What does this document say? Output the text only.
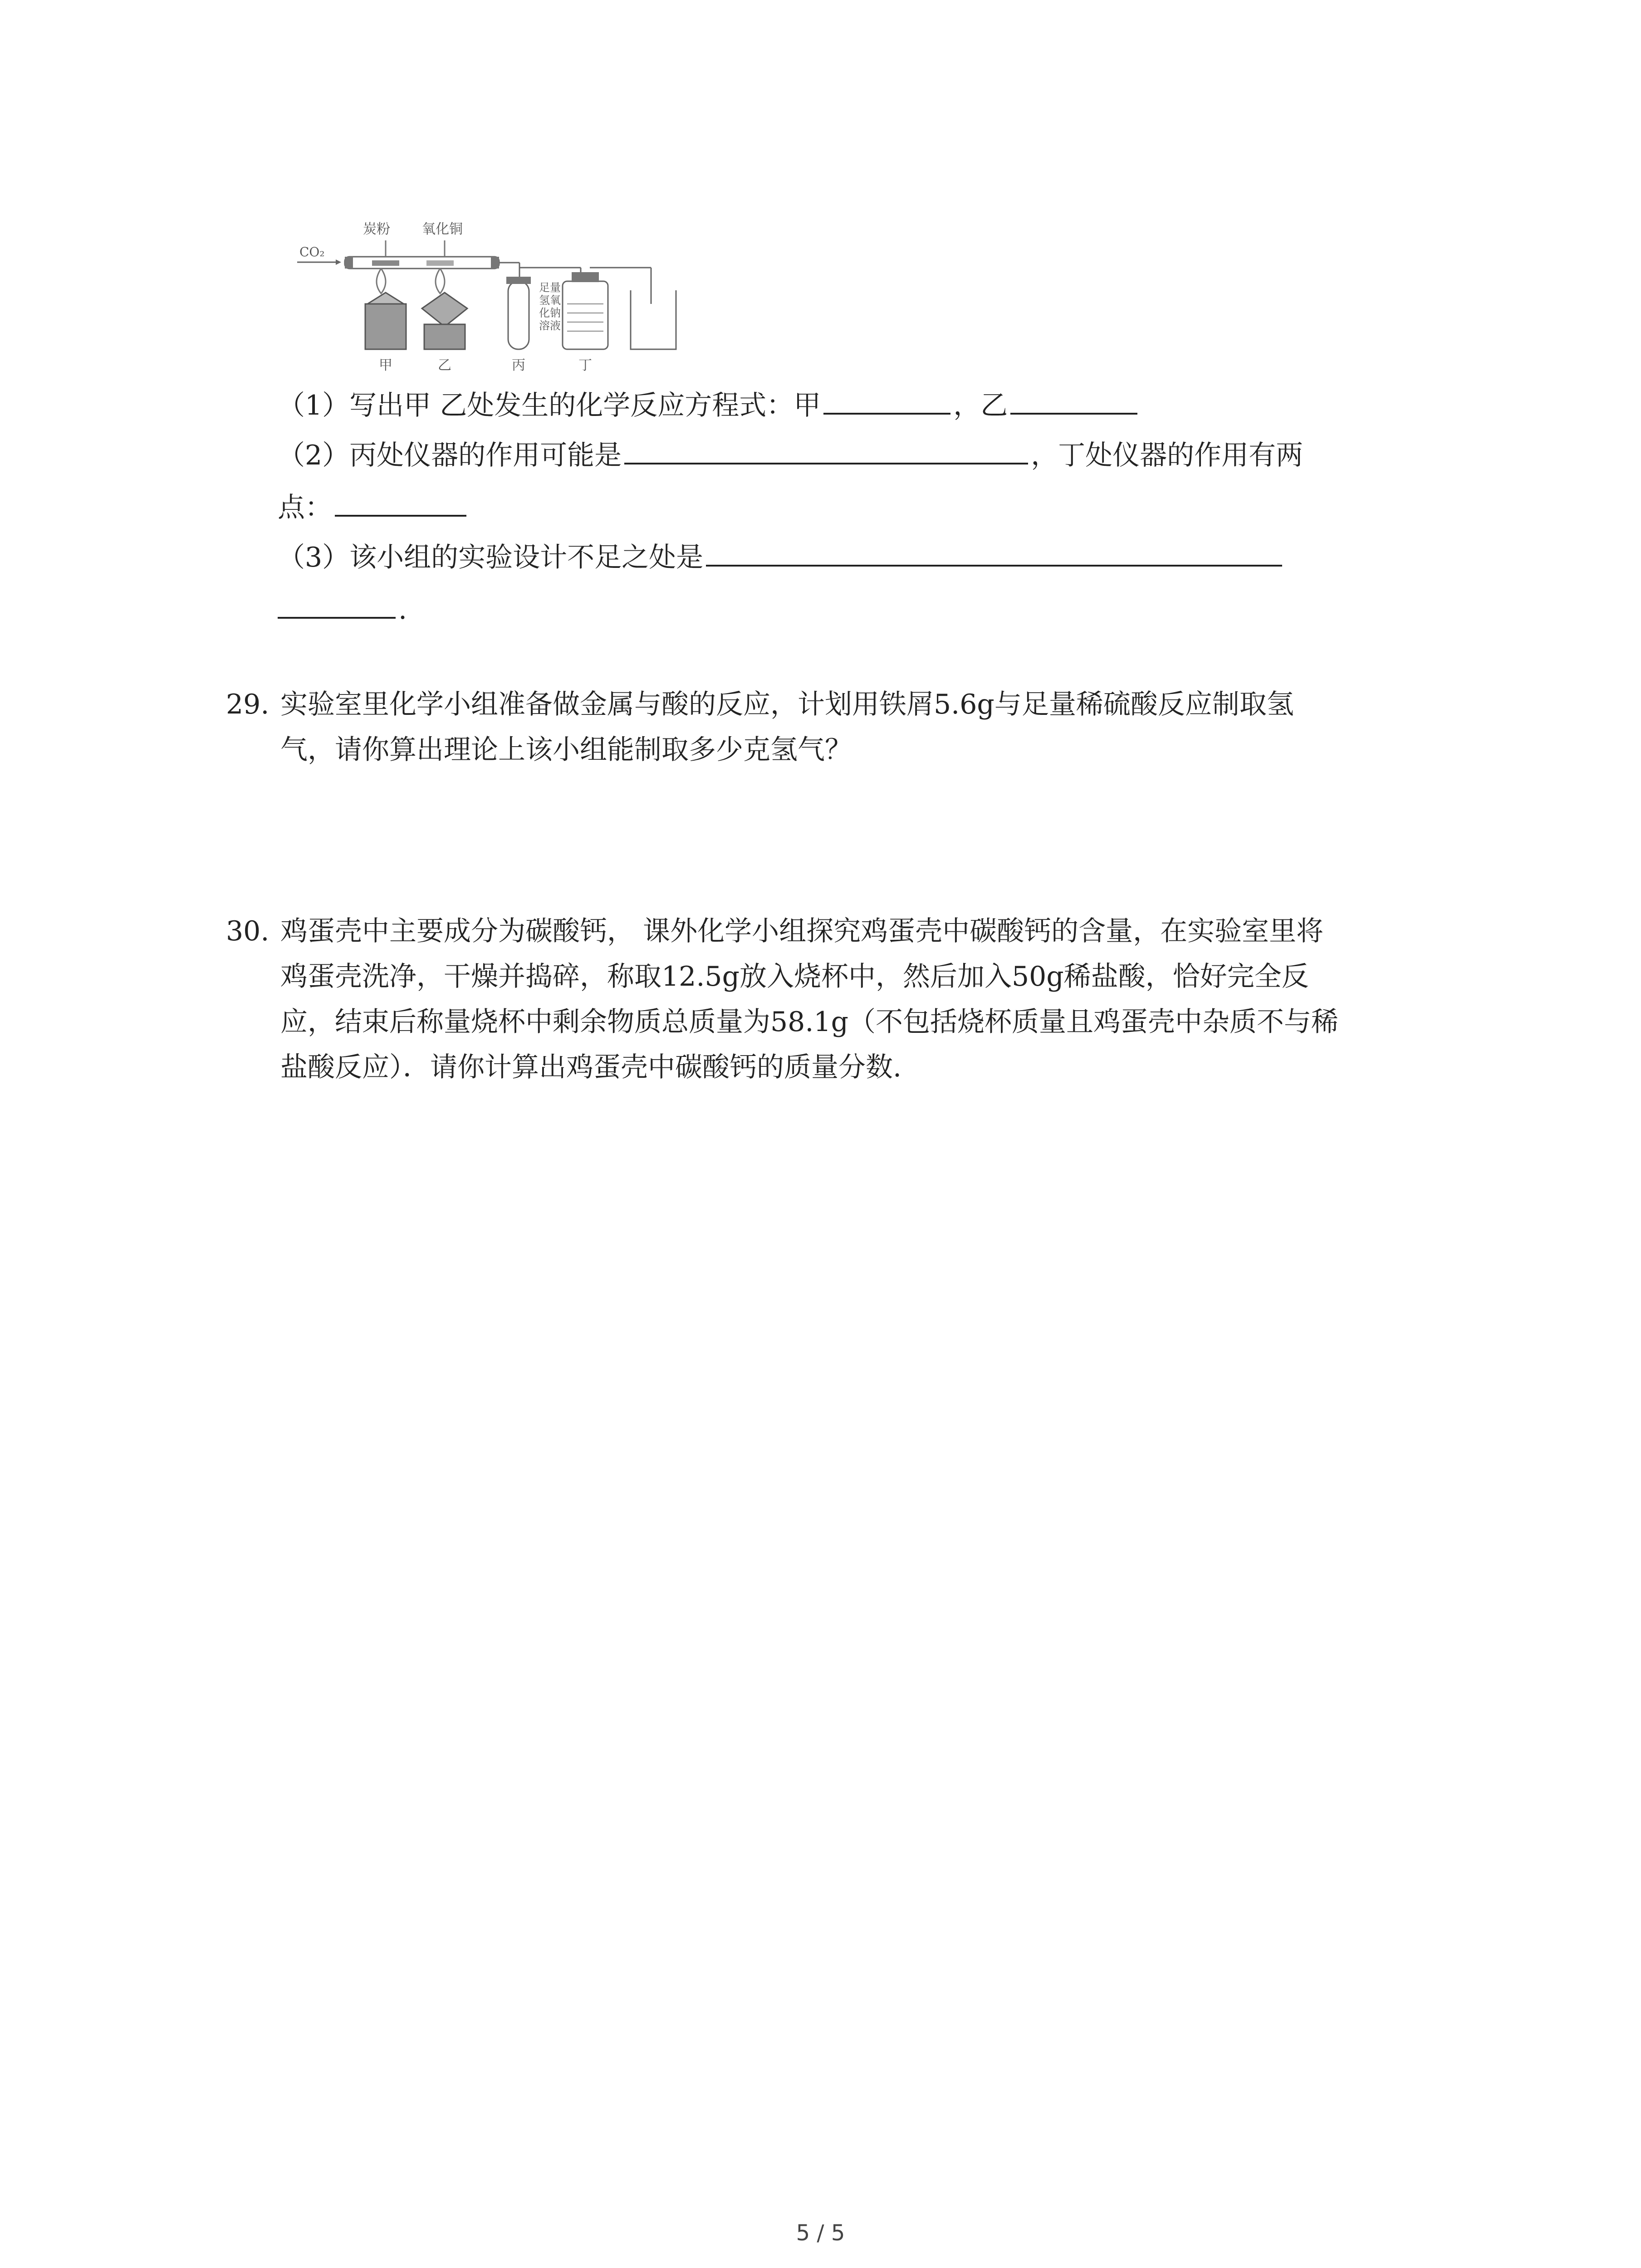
CO₂
炭粉 氧化铜
足量
氢氧
化钠
溶液
甲	乙	丙	丁
（1）写出甲 乙处发生的化学反应方程式：甲	，乙
（2）丙处仪器的作用可能是	，丁处仪器的作用有两
点：
（3）该小组的实验设计不足之处是
.
29. 实验室里化学小组准备做金属与酸的反应，计划用铁屑5.6g与足量稀硫酸反应制取氢
气，请你算出理论上该小组能制取多少克氢气？
30. 鸡蛋壳中主要成分为碳酸钙， 课外化学小组探究鸡蛋壳中碳酸钙的含量，在实验室里将
鸡蛋壳洗净，干燥并捣碎，称取12.5g放入烧杯中，然后加入50g稀盐酸，恰好完全反
应，结束后称量烧杯中剩余物质总质量为58.1g（不包括烧杯质量且鸡蛋壳中杂质不与稀
盐酸反应）．请你计算出鸡蛋壳中碳酸钙的质量分数.
5 / 5
